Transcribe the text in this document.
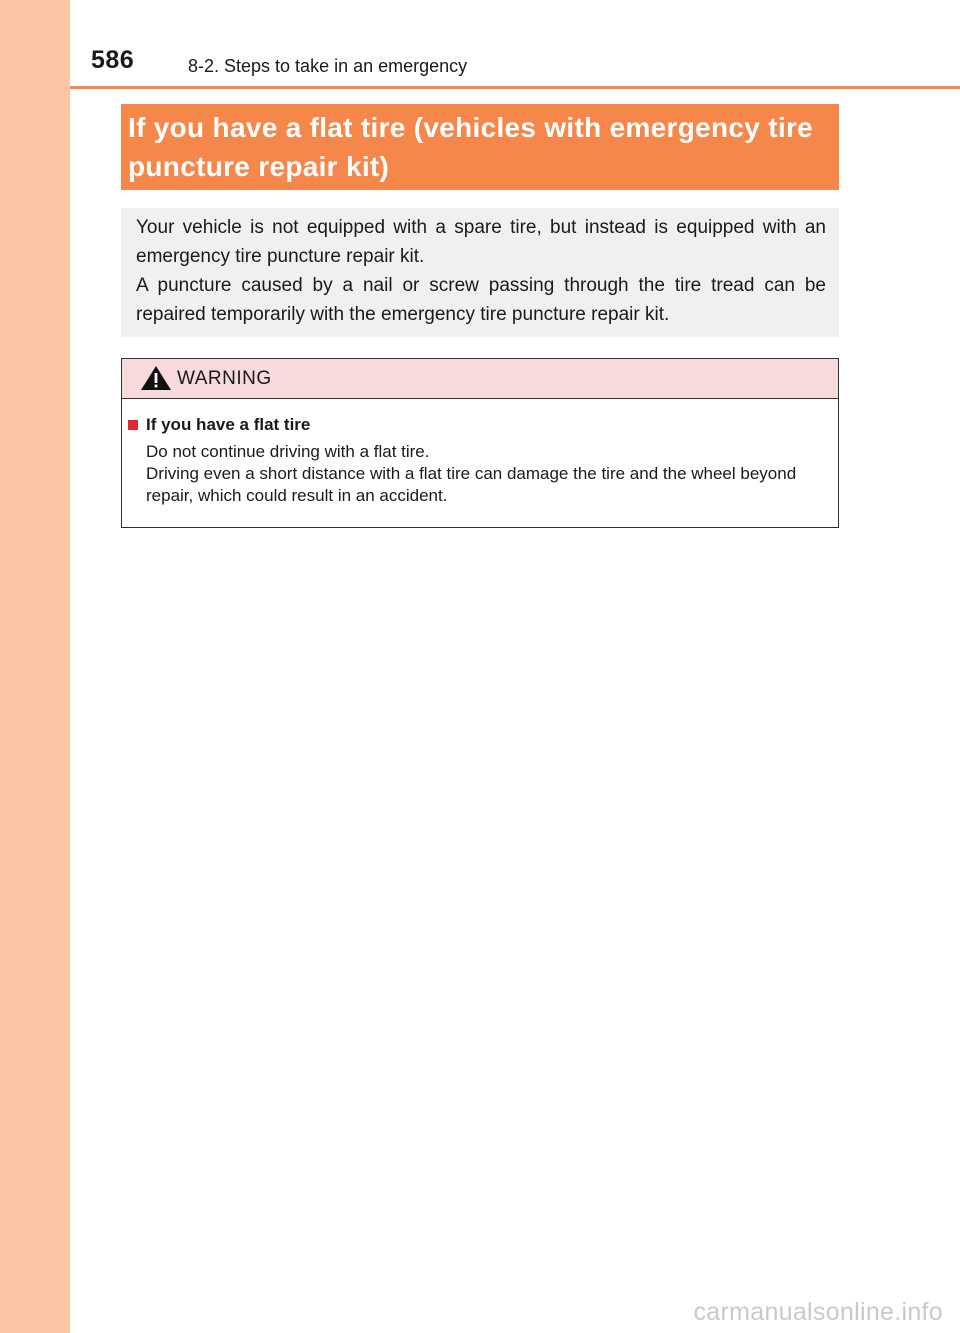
586	8-2. Steps to take in an emergency

If you have a flat tire (vehicles with emergency tire
puncture repair kit)

Your vehicle is not equipped with a spare tire, but instead is equipped with an emergency tire puncture repair kit.

A puncture caused by a nail or screw passing through the tire tread can be repaired temporarily with the emergency tire puncture repair kit.

WARNING
If you have a flat tire

Do not continue driving with a flat tire.
Driving even a short distance with a flat tire can damage the tire and the wheel beyond repair, which could result in an accident.

carmanualsonline.info
